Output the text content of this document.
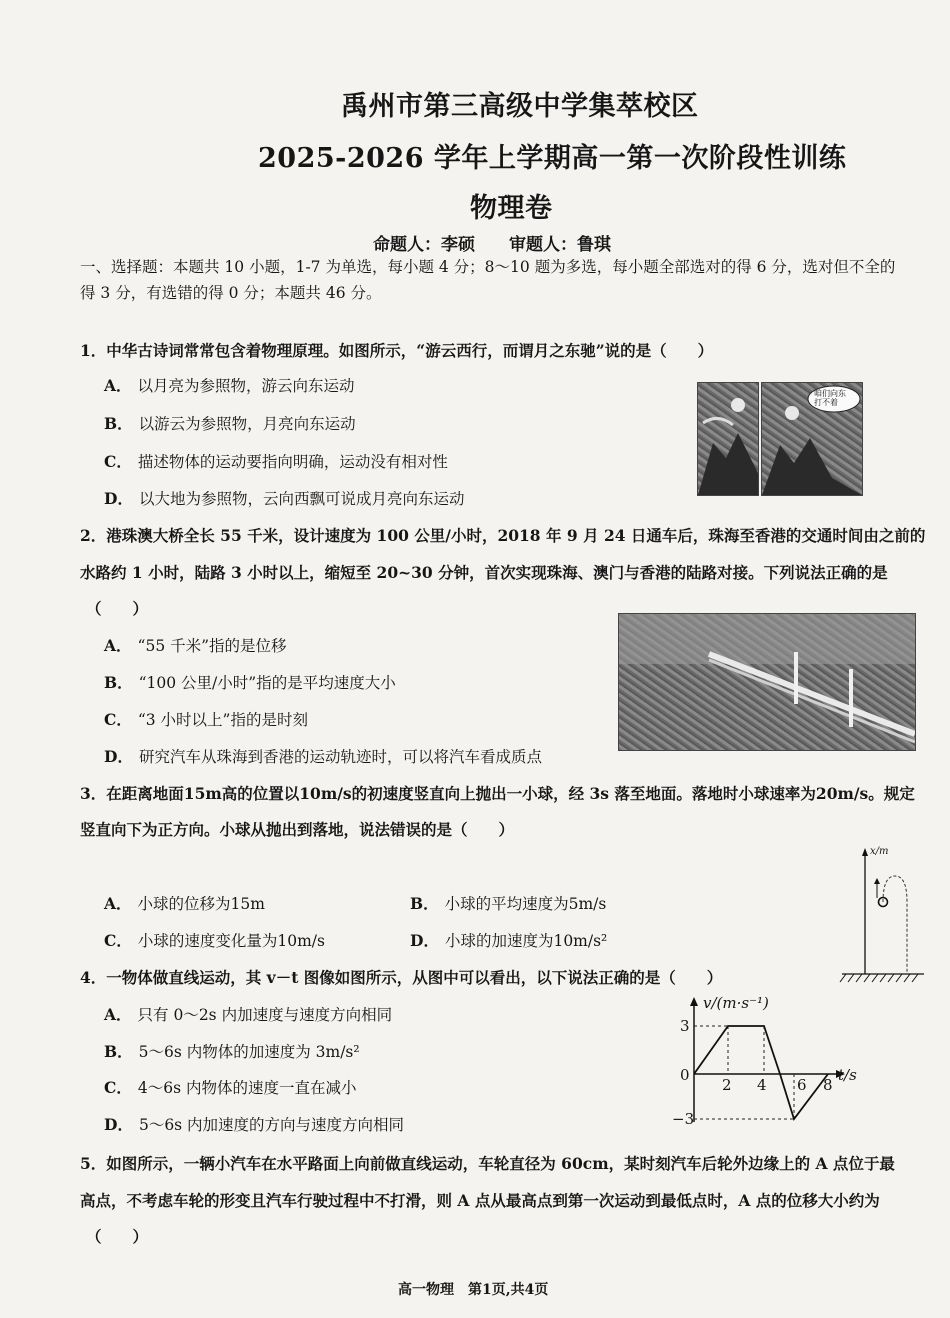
禹州市第三高级中学集萃校区
2025-2026 学年上学期高一第一次阶段性训练
物理卷
命题人：李硕　　审题人：鲁琪
一、选择题：本题共 10 小题，1-7 为单选，每小题 4 分；8～10 题为多选，每小题全部选对的得 6 分，选对但不全的
得 3 分，有选错的得 0 分；本题共 46 分。
1．中华古诗词常常包含着物理原理。如图所示，“游云西行，而谓月之东驰”说的是（　　）
A． 以月亮为参照物，游云向东运动
B． 以游云为参照物，月亮向东运动
C． 描述物体的运动要指向明确，运动没有相对性
D． 以大地为参照物，云向西飘可说成月亮向东运动
咱们向东
打不着
2．港珠澳大桥全长 55 千米，设计速度为 100 公里/小时，2018 年 9 月 24 日通车后，珠海至香港的交通时间由之前的
水路约 1 小时，陆路 3 小时以上，缩短至 20~30 分钟，首次实现珠海、澳门与香港的陆路对接。下列说法正确的是
（　　）
A． “55 千米”指的是位移
B． “100 公里/小时”指的是平均速度大小
C． “3 小时以上”指的是时刻
D． 研究汽车从珠海到香港的运动轨迹时，可以将汽车看成质点
3．在距离地面15m高的位置以10m/s的初速度竖直向上抛出一小球，经 3s 落至地面。落地时小球速率为20m/s。规定
竖直向下为正方向。小球从抛出到落地，说法错误的是（　　）
A． 小球的位移为15m	B． 小球的平均速度为5m/s
C． 小球的速度变化量为10m/s	D． 小球的加速度为10m/s²
x/m
4．一物体做直线运动，其 v－t 图像如图所示，从图中可以看出，以下说法正确的是（　　）
A． 只有 0～2s 内加速度与速度方向相同
B． 5～6s 内物体的加速度为 3m/s²
C． 4～6s 内物体的速度一直在减小
D． 5～6s 内加速度的方向与速度方向相同
v/(m·s⁻¹)
t/s
3
0
−3
2 4 6 8
5．如图所示，一辆小汽车在水平路面上向前做直线运动，车轮直径为 60cm，某时刻汽车后轮外边缘上的 A 点位于最
高点，不考虑车轮的形变且汽车行驶过程中不打滑，则 A 点从最高点到第一次运动到最低点时，A 点的位移大小约为
（　　）
高一物理　第1页,共4页
